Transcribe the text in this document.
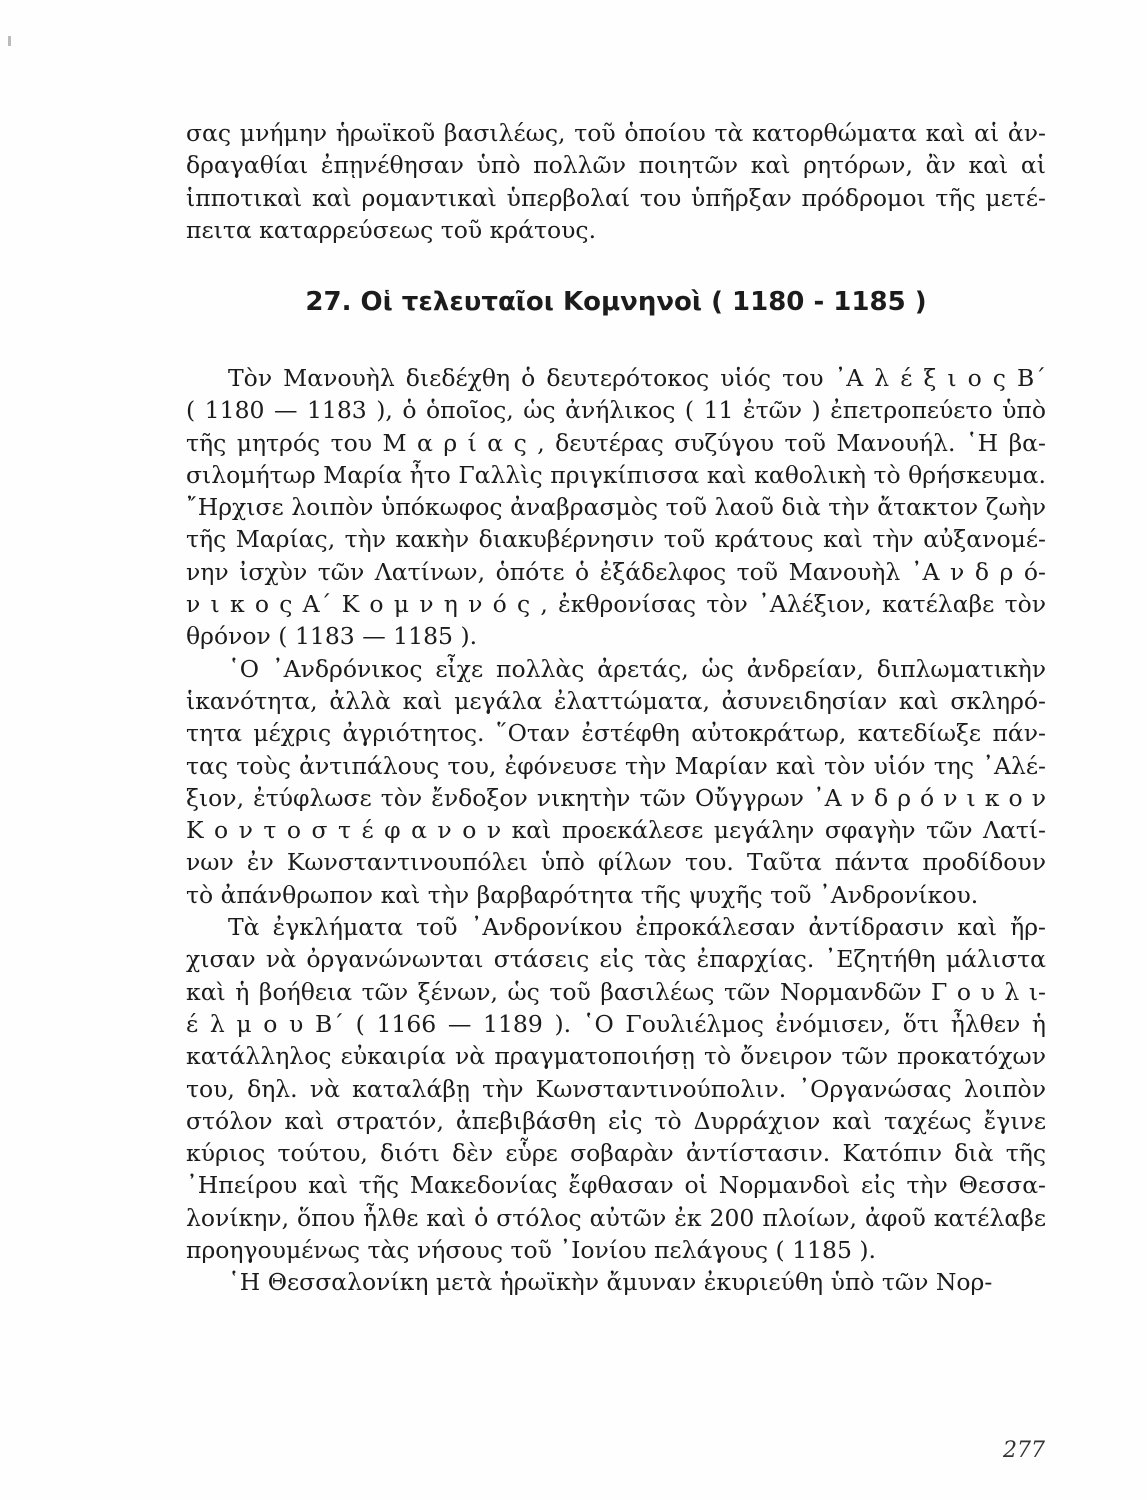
σας μνήμην ἡρωϊκοῦ βασιλέως, τοῦ ὁποίου τὰ κατορθώματα καὶ αἱ ἀν-
δραγαθίαι ἐπῃνέθησαν ὑπὸ πολλῶν ποιητῶν καὶ ρητόρων, ἂν καὶ αἱ
ἱπποτικαὶ καὶ ρομαντικαὶ ὑπερβολαί του ὑπῆρξαν πρόδρομοι τῆς μετέ-
πειτα καταρρεύσεως τοῦ κράτους.
27. Οἱ τελευταῖοι Κομνηνοὶ ( 1180 - 1185 )
Τὸν Μανουὴλ διεδέχθη ὁ δευτερότοκος υἱός του ᾿Α λ έ ξ ι ο ς Β΄
( 1180 — 1183 ), ὁ ὁποῖος, ὡς ἀνήλικος ( 11 ἐτῶν ) ἐπετροπεύετο ὑπὸ
τῆς μητρός του Μ α ρ ί α ς , δευτέρας συζύγου τοῦ Μανουήλ. ῾Η βα-
σιλομήτωρ Μαρία ἦτο Γαλλὶς πριγκίπισσα καὶ καθολικὴ τὸ θρήσκευμα.
῎Ηρχισε λοιπὸν ὑπόκωφος ἀναβρασμὸς τοῦ λαοῦ διὰ τὴν ἄτακτον ζωὴν
τῆς Μαρίας, τὴν κακὴν διακυβέρνησιν τοῦ κράτους καὶ τὴν αὐξανομέ-
νην ἰσχὺν τῶν Λατίνων, ὁπότε ὁ ἐξάδελφος τοῦ Μανουὴλ ᾿Α ν δ ρ ό-
ν ι κ ο ς Α΄ Κ ο μ ν η ν ό ς , ἐκθρονίσας τὸν ᾿Αλέξιον, κατέλαβε τὸν
θρόνον ( 1183 — 1185 ).
῾Ο ᾿Ανδρόνικος εἶχε πολλὰς ἀρετάς, ὡς ἀνδρείαν, διπλωματικὴν
ἱκανότητα, ἀλλὰ καὶ μεγάλα ἐλαττώματα, ἀσυνειδησίαν καὶ σκληρό-
τητα μέχρις ἀγριότητος. ῞Οταν ἐστέφθη αὐτοκράτωρ, κατεδίωξε πάν-
τας τοὺς ἀντιπάλους του, ἐφόνευσε τὴν Μαρίαν καὶ τὸν υἱόν της ᾿Αλέ-
ξιον, ἐτύφλωσε τὸν ἔνδοξον νικητὴν τῶν Οὔγγρων ᾿Α ν δ ρ ό ν ι κ ο ν
Κ ο ν τ ο σ τ έ φ α ν ο ν καὶ προεκάλεσε μεγάλην σφαγὴν τῶν Λατί-
νων ἐν Κωνσταντινουπόλει ὑπὸ φίλων του. Ταῦτα πάντα προδίδουν
τὸ ἀπάνθρωπον καὶ τὴν βαρβαρότητα τῆς ψυχῆς τοῦ ᾿Ανδρονίκου.
Τὰ ἐγκλήματα τοῦ ᾿Ανδρονίκου ἐπροκάλεσαν ἀντίδρασιν καὶ ἤρ-
χισαν νὰ ὀργανώνωνται στάσεις εἰς τὰς ἐπαρχίας. ᾿Εζητήθη μάλιστα
καὶ ἡ βοήθεια τῶν ξένων, ὡς τοῦ βασιλέως τῶν Νορμανδῶν Γ ο υ λ ι-
έ λ μ ο υ Β΄ ( 1166 — 1189 ). ῾Ο Γουλιέλμος ἐνόμισεν, ὅτι ἦλθεν ἡ
κατάλληλος εὐκαιρία νὰ πραγματοποιήσῃ τὸ ὄνειρον τῶν προκατόχων
του, δηλ. νὰ καταλάβῃ τὴν Κωνσταντινούπολιν. ᾿Οργανώσας λοιπὸν
στόλον καὶ στρατόν, ἀπεβιβάσθη εἰς τὸ Δυρράχιον καὶ ταχέως ἔγινε
κύριος τούτου, διότι δὲν εὗρε σοβαρὰν ἀντίστασιν. Κατόπιν διὰ τῆς
᾿Ηπείρου καὶ τῆς Μακεδονίας ἔφθασαν οἱ Νορμανδοὶ εἰς τὴν Θεσσα-
λονίκην, ὅπου ἦλθε καὶ ὁ στόλος αὐτῶν ἐκ 200 πλοίων, ἀφοῦ κατέλαβε
προηγουμένως τὰς νήσους τοῦ ᾿Ιονίου πελάγους ( 1185 ).
῾Η Θεσσαλονίκη μετὰ ἡρωϊκὴν ἄμυναν ἐκυριεύθη ὑπὸ τῶν Νορ-
277
